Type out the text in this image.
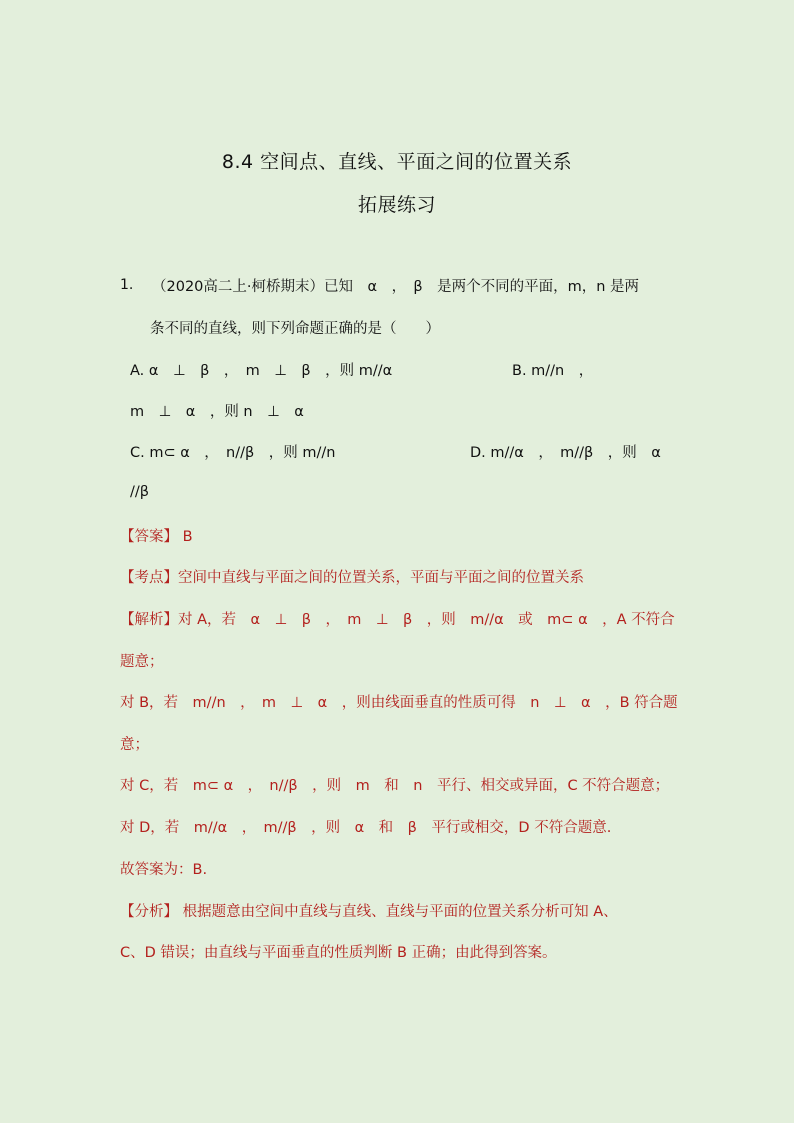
8.4 空间点、直线、平面之间的位置关系
拓展练习
1. （2020高二上·柯桥期末）已知　α　，　β　是两个不同的平面，m，n 是两
条不同的直线，则下列命题正确的是（　　）
A. α　⊥　β　，　m　⊥　β　，则 m//α	B. m//n　，
m　⊥　α　，则 n　⊥　α
C. m⊂ α　，　n//β　，则 m//n	D. m//α　，　m//β　，则　α
//β
【答案】 B
【考点】空间中直线与平面之间的位置关系，平面与平面之间的位置关系
【解析】对 A，若　α　⊥　β　，　m　⊥　β　，则　m//α　或　m⊂ α　，A 不符合
题意；
对 B，若　m//n　，　m　⊥　α　，则由线面垂直的性质可得　n　⊥　α　，B 符合题
意；
对 C，若　m⊂ α　，　n//β　，则　m　和　n　平行、相交或异面，C 不符合题意；
对 D，若　m//α　，　m//β　，则　α　和　β　平行或相交，D 不符合题意.
故答案为：B.
【分析】 根据题意由空间中直线与直线、直线与平面的位置关系分析可知 A、
C、D 错误；由直线与平面垂直的性质判断 B 正确；由此得到答案。
